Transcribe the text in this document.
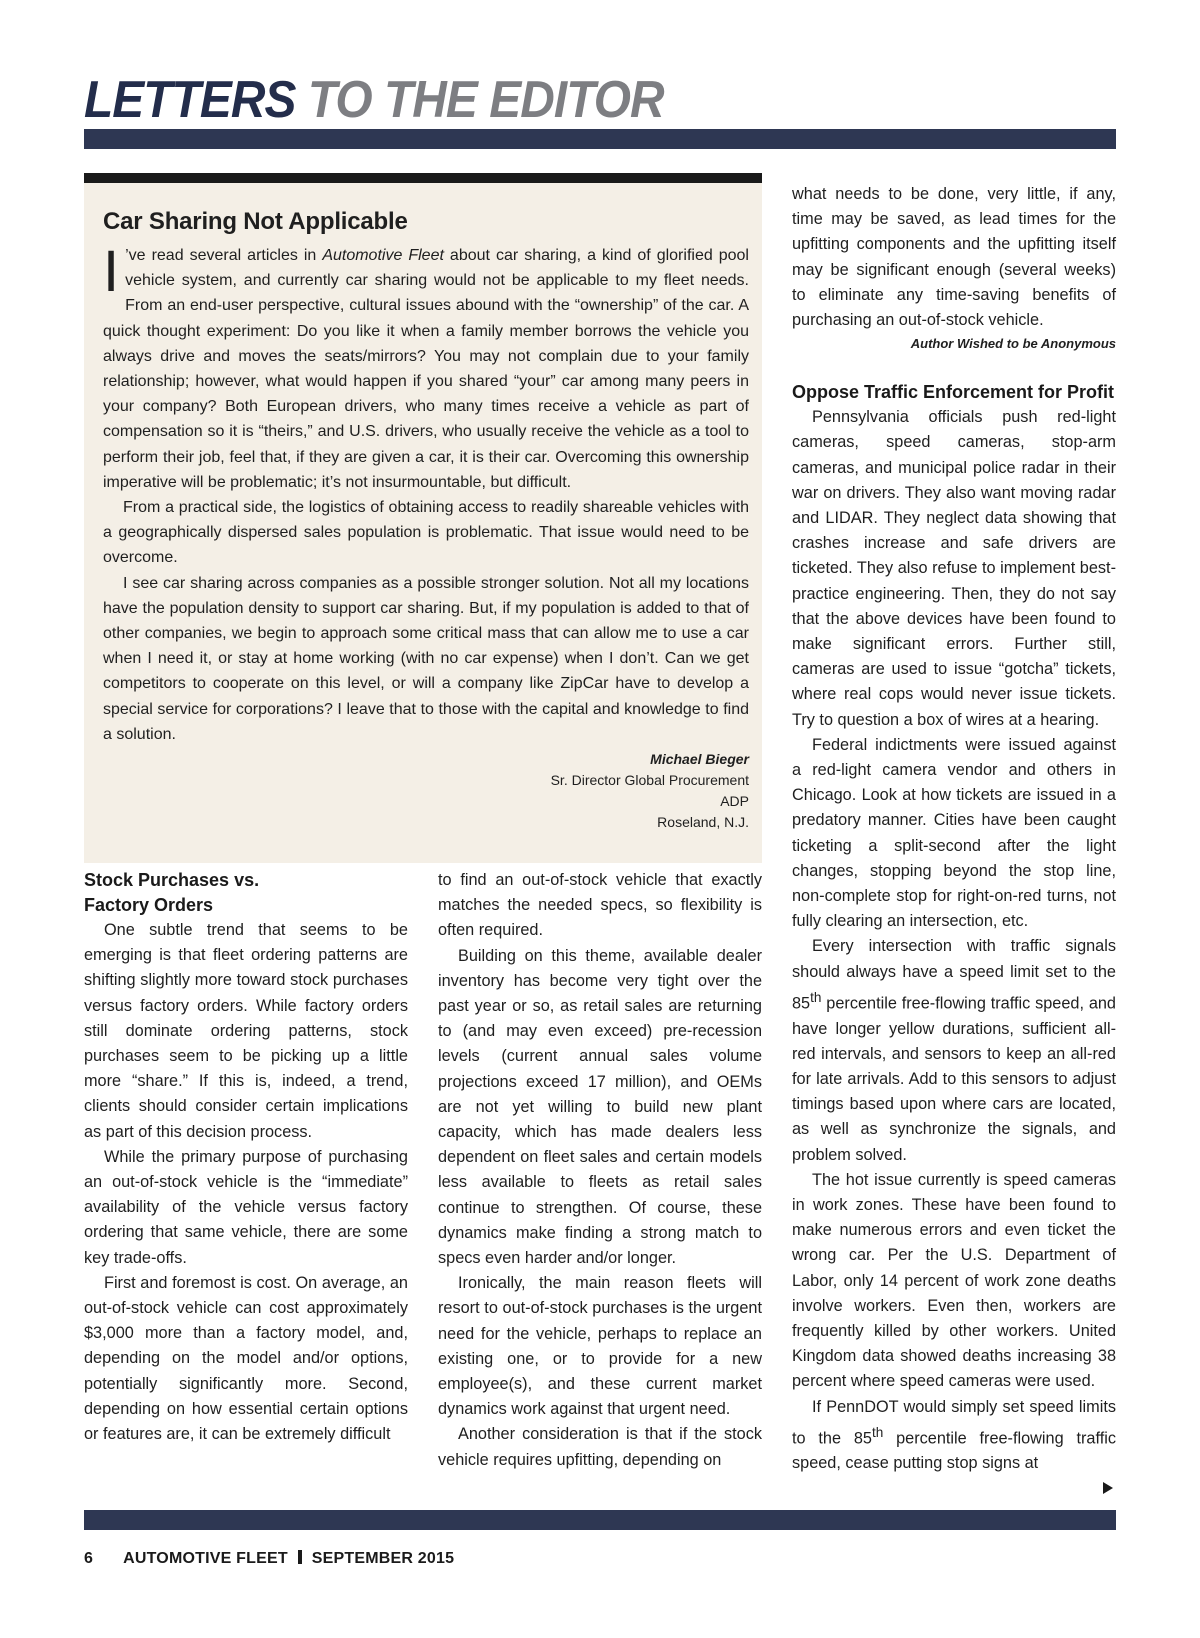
LETTERS TO THE EDITOR
Car Sharing Not Applicable

I ’ve read several articles in Automotive Fleet about car sharing, a kind of glorified pool vehicle system, and currently car sharing would not be applicable to my fleet needs. From an end-user perspective, cultural issues abound with the “ownership” of the car. A quick thought experiment: Do you like it when a family member borrows the vehicle you always drive and moves the seats/mirrors? You may not complain due to your family relationship; however, what would happen if you shared “your” car among many peers in your company? Both European drivers, who many times receive a vehicle as part of compensation so it is “theirs,” and U.S. drivers, who usually receive the vehicle as a tool to perform their job, feel that, if they are given a car, it is their car. Overcoming this ownership imperative will be problematic; it’s not insurmountable, but difficult.

From a practical side, the logistics of obtaining access to readily shareable vehicles with a geographically dispersed sales population is problematic. That issue would need to be overcome.

I see car sharing across companies as a possible stronger solution. Not all my locations have the population density to support car sharing. But, if my population is added to that of other companies, we begin to approach some critical mass that can allow me to use a car when I need it, or stay at home working (with no car expense) when I don’t. Can we get competitors to cooperate on this level, or will a company like ZipCar have to develop a special service for corporations? I leave that to those with the capital and knowledge to find a solution.

Michael Bieger
Sr. Director Global Procurement
ADP
Roseland, N.J.
Stock Purchases vs.
Factory Orders

One subtle trend that seems to be emerging is that fleet ordering patterns are shifting slightly more toward stock purchases versus factory orders. While factory orders still dominate ordering patterns, stock purchases seem to be picking up a little more “share.” If this is, indeed, a trend, clients should consider certain implications as part of this decision process.

While the primary purpose of purchasing an out-of-stock vehicle is the “immediate” availability of the vehicle versus factory ordering that same vehicle, there are some key trade-offs.

First and foremost is cost. On average, an out-of-stock vehicle can cost approximately $3,000 more than a factory model, and, depending on the model and/or options, potentially significantly more. Second, depending on how essential certain options or features are, it can be extremely difficult

to find an out-of-stock vehicle that exactly matches the needed specs, so flexibility is often required.

Building on this theme, available dealer inventory has become very tight over the past year or so, as retail sales are returning to (and may even exceed) pre-recession levels (current annual sales volume projections exceed 17 million), and OEMs are not yet willing to build new plant capacity, which has made dealers less dependent on fleet sales and certain models less available to fleets as retail sales continue to strengthen. Of course, these dynamics make finding a strong match to specs even harder and/or longer.

Ironically, the main reason fleets will resort to out-of-stock purchases is the urgent need for the vehicle, perhaps to replace an existing one, or to provide for a new employee(s), and these current market dynamics work against that urgent need.

Another consideration is that if the stock vehicle requires upfitting, depending on

what needs to be done, very little, if any, time may be saved, as lead times for the upfitting components and the upfitting itself may be significant enough (several weeks) to eliminate any time-saving benefits of purchasing an out-of-stock vehicle.

Author Wished to be Anonymous
Oppose Traffic Enforcement for Profit

Pennsylvania officials push red-light cameras, speed cameras, stop-arm cameras, and municipal police radar in their war on drivers. They also want moving radar and LIDAR. They neglect data showing that crashes increase and safe drivers are ticketed. They also refuse to implement best-practice engineering. Then, they do not say that the above devices have been found to make significant errors. Further still, cameras are used to issue “gotcha” tickets, where real cops would never issue tickets. Try to question a box of wires at a hearing.

Federal indictments were issued against a red-light camera vendor and others in Chicago. Look at how tickets are issued in a predatory manner. Cities have been caught ticketing a split-second after the light changes, stopping beyond the stop line, non-complete stop for right-on-red turns, not fully clearing an intersection, etc.

Every intersection with traffic signals should always have a speed limit set to the 85th percentile free-flowing traffic speed, and have longer yellow durations, sufficient all-red intervals, and sensors to keep an all-red for late arrivals. Add to this sensors to adjust timings based upon where cars are located, as well as synchronize the signals, and problem solved.

The hot issue currently is speed cameras in work zones. These have been found to make numerous errors and even ticket the wrong car. Per the U.S. Department of Labor, only 14 percent of work zone deaths involve workers. Even then, workers are frequently killed by other workers. United Kingdom data showed deaths increasing 38 percent where speed cameras were used.

If PennDOT would simply set speed limits to the 85th percentile free-flowing traffic speed, cease putting stop signs at

6 AUTOMOTIVE FLEET SEPTEMBER 2015
